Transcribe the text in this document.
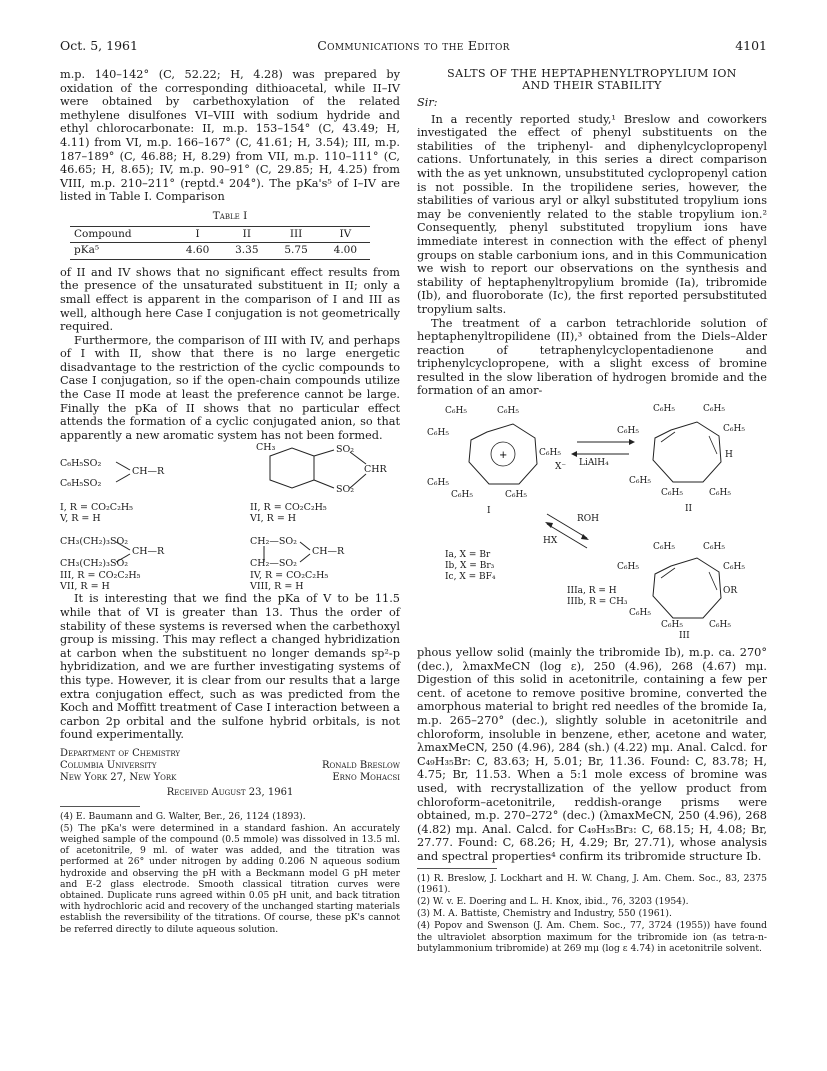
Oct. 5, 1961	Communications to the Editor	4101

m.p. 140–142° (C, 52.22; H, 4.28) was prepared by oxidation of the corresponding dithioacetal, while II–IV were obtained by carbethoxylation of the related methylene disulfones VI–VIII with sodium hydride and ethyl chlorocarbonate: II, m.p. 153–154° (C, 43.49; H, 4.11) from VI, m.p. 166–167° (C, 41.61; H, 3.54); III, m.p. 187–189° (C, 46.88; H, 8.29) from VII, m.p. 110–111° (C, 46.65; H, 8.65); IV, m.p. 90–91° (C, 29.85; H, 4.25) from VIII, m.p. 210–211° (reptd.⁴ 204°). The pKa's⁵ of I–IV are listed in Table I. Comparison

Table I
Compound	I	II	III	IV
pKa⁵	4.60	3.35	5.75	4.00

of II and IV shows that no significant effect results from the presence of the unsaturated substituent in II; only a small effect is apparent in the comparison of I and III as well, although here Case I conjugation is not geometrically required.

Furthermore, the comparison of III with IV, and perhaps of I with II, show that there is no large energetic disadvantage to the restriction of the cyclic compounds to Case I conjugation, so if the open-chain compounds utilize the Case II mode at least the preference cannot be large. Finally the pKa of II shows that no particular effect attends the formation of a cyclic conjugated anion, so that apparently a new aromatic system has not been formed.

C₆H₅SO₂
CH—R
C₆H₅SO₂
I, R = CO₂C₂H₅
V, R = H
CH₃	SO₂
CHR
SO₂
II, R = CO₂C₂H₅
VI, R = H
CH₃(CH₂)₃SO₂
CH—R
CH₃(CH₂)₃SO₂
III, R = CO₂C₂H₅
VII, R = H
CH₂—SO₂
CH—R
CH₂—SO₂
IV, R = CO₂C₂H₅
VIII, R = H

It is interesting that we find the pKa of V to be 11.5 while that of VI is greater than 13. Thus the order of stability of these systems is reversed when the carbethoxyl group is missing. This may reflect a changed hybridization at carbon when the substituent no longer demands sp²-p hybridization, and we are further investigating systems of this type. However, it is clear from our results that a large extra conjugation effect, such as was predicted from the Koch and Moffitt treatment of Case I interaction between a carbon 2p orbital and the sulfone hybrid orbitals, is not found experimentally.

Department of Chemistry
Columbia University	Ronald Breslow
New York 27, New York	Erno Mohacsi
Received August 23, 1961

(4) E. Baumann and G. Walter, Ber., 26, 1124 (1893).

(5) The pKa's were determined in a standard fashion. An accurately weighed sample of the compound (0.5 mmole) was dissolved in 13.5 ml. of acetonitrile, 9 ml. of water was added, and the titration was performed at 26° under nitrogen by adding 0.206 N aqueous sodium hydroxide and observing the pH with a Beckmann model G pH meter and E-2 glass electrode. Smooth classical titration curves were obtained. Duplicate runs agreed within 0.05 pH unit, and back titration with hydrochloric acid and recovery of the unchanged starting materials establish the reversibility of the titrations. Of course, these pK's cannot be referred directly to dilute aqueous solution.

SALTS OF THE HEPTAPHENYLTROPYLIUM ION
AND THEIR STABILITY
Sir:

In a recently reported study,¹ Breslow and coworkers investigated the effect of phenyl substituents on the stabilities of the triphenyl- and diphenylcyclopropenyl cations. Unfortunately, in this series a direct comparison with the as yet unknown, unsubstituted cyclopropenyl cation is not possible. In the tropilidene series, however, the stabilities of various aryl or alkyl substituted tropylium ions may be conveniently related to the stable tropylium ion.² Consequently, phenyl substituted tropylium ions have immediate interest in connection with the effect of phenyl groups on stable carbonium ions, and in this Communication we wish to report our observations on the synthesis and stability of heptaphenyltropylium bromide (Ia), tribromide (Ib), and fluoroborate (Ic), the first reported persubstituted tropylium salts.

The treatment of a carbon tetrachloride solution of heptaphenyltropilidene (II),³ obtained from the Diels–Alder reaction of tetraphenylcyclopentadienone and triphenylcyclopropene, with a slight excess of bromine resulted in the slow liberation of hydrogen bromide and the formation of an amor-

+
C₆H₅	C₆H₅
C₆H₅
C₆H₅
C₆H₅
C₆H₅	C₆H₅
X⁻
I
LiAlH₄
C₆H₅	C₆H₅
C₆H₅	C₆H₅
H
C₆H₅
C₆H₅	C₆H₅
II
ROH
HX
Ia, X = Br
Ib, X = Br₃
Ic, X = BF₄
C₆H₅	C₆H₅
C₆H₅	C₆H₅
OR
C₆H₅
C₆H₅	C₆H₅
IIIa, R = H
IIIb, R = CH₃
III

phous yellow solid (mainly the tribromide Ib), m.p. ca. 270° (dec.), λmaxMeCN (log ε), 250 (4.96), 268 (4.67) mμ. Digestion of this solid in acetonitrile, containing a few per cent. of acetone to remove positive bromine, converted the amorphous material to bright red needles of the bromide Ia, m.p. 265–270° (dec.), slightly soluble in acetonitrile and chloroform, insoluble in benzene, ether, acetone and water, λmaxMeCN, 250 (4.96), 284 (sh.) (4.22) mμ. Anal. Calcd. for C₄₉H₃₅Br: C, 83.63; H, 5.01; Br, 11.36. Found: C, 83.78; H, 4.75; Br, 11.53. When a 5:1 mole excess of bromine was used, with recrystallization of the yellow product from chloroform–acetonitrile, reddish-orange prisms were obtained, m.p. 270–272° (dec.) (λmaxMeCN, 250 (4.96), 268 (4.82) mμ. Anal. Calcd. for C₄₉H₃₅Br₃: C, 68.15; H, 4.08; Br, 27.77. Found: C, 68.26; H, 4.29; Br, 27.71), whose analysis and spectral properties⁴ confirm its tribromide structure Ib.

(1) R. Breslow, J. Lockhart and H. W. Chang, J. Am. Chem. Soc., 83, 2375 (1961).

(2) W. v. E. Doering and L. H. Knox, ibid., 76, 3203 (1954).

(3) M. A. Battiste, Chemistry and Industry, 550 (1961).

(4) Popov and Swenson (J. Am. Chem. Soc., 77, 3724 (1955)) have found the ultraviolet absorption maximum for the tribromide ion (as tetra-n-butylammonium tribromide) at 269 mμ (log ε 4.74) in acetonitrile solvent.
